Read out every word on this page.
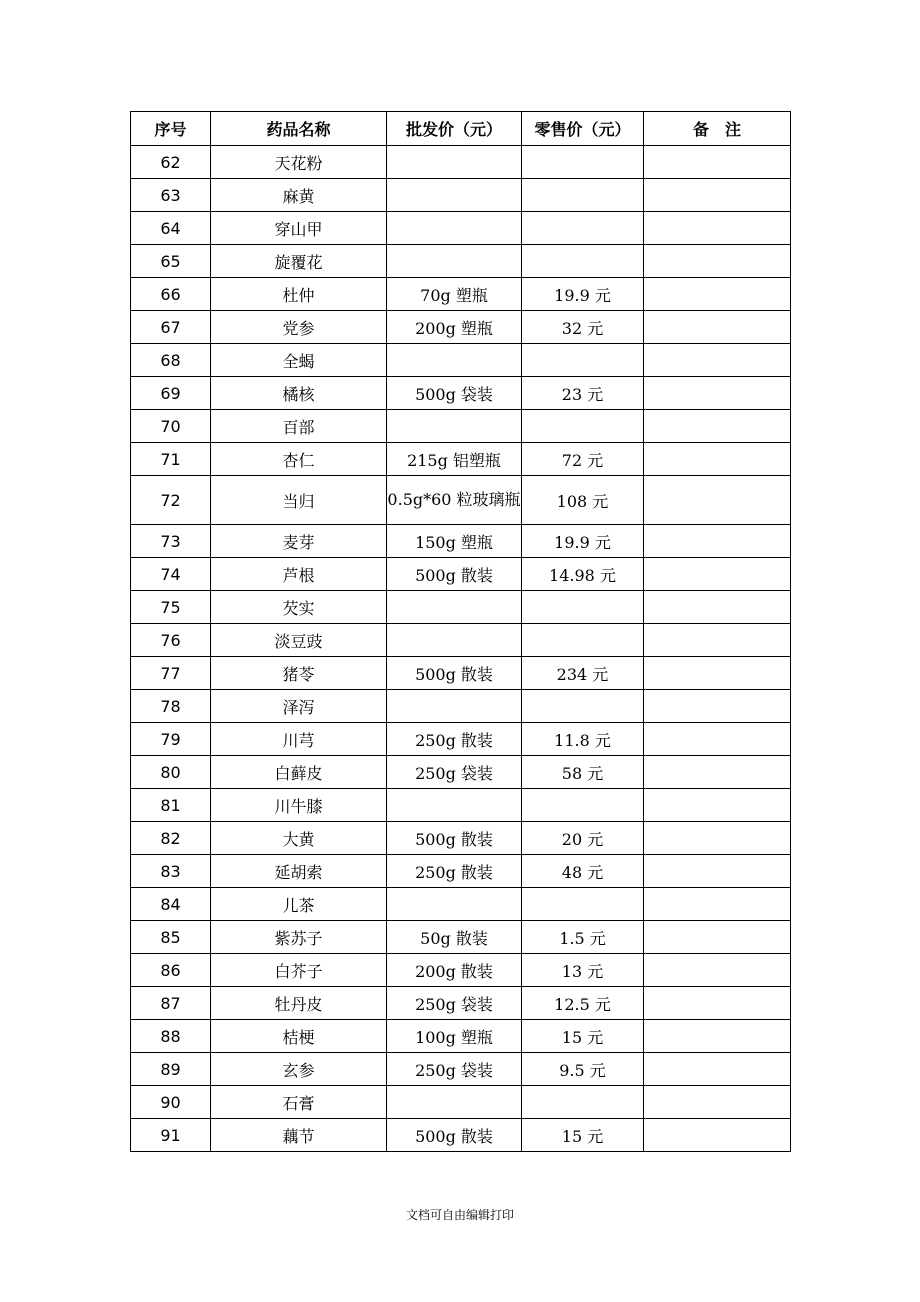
序号	药品名称	批发价（元）	零售价（元）	备　注
62	天花粉			
63	麻黄			
64	穿山甲			
65	旋覆花			
66	杜仲	70g 塑瓶	19.9 元	
67	党参	200g 塑瓶	32 元	
68	全蝎			
69	橘核	500g 袋装	23 元	
70	百部			
71	杏仁	215g 铝塑瓶	72 元	
72	当归	0.5g*60 粒玻璃瓶	108 元	
73	麦芽	150g 塑瓶	19.9 元	
74	芦根	500g 散装	14.98 元	
75	芡实			
76	淡豆豉			
77	猪苓	500g 散装	234 元	
78	泽泻			
79	川芎	250g 散装	11.8 元	
80	白藓皮	250g 袋装	58 元	
81	川牛膝			
82	大黄	500g 散装	20 元	
83	延胡索	250g 散装	48 元	
84	儿茶			
85	紫苏子	50g 散装	1.5 元	
86	白芥子	200g 散装	13 元	
87	牡丹皮	250g 袋装	12.5 元	
88	桔梗	100g 塑瓶	15 元	
89	玄参	250g 袋装	9.5 元	
90	石膏			
91	藕节	500g 散装	15 元	
文档可自由编辑打印
